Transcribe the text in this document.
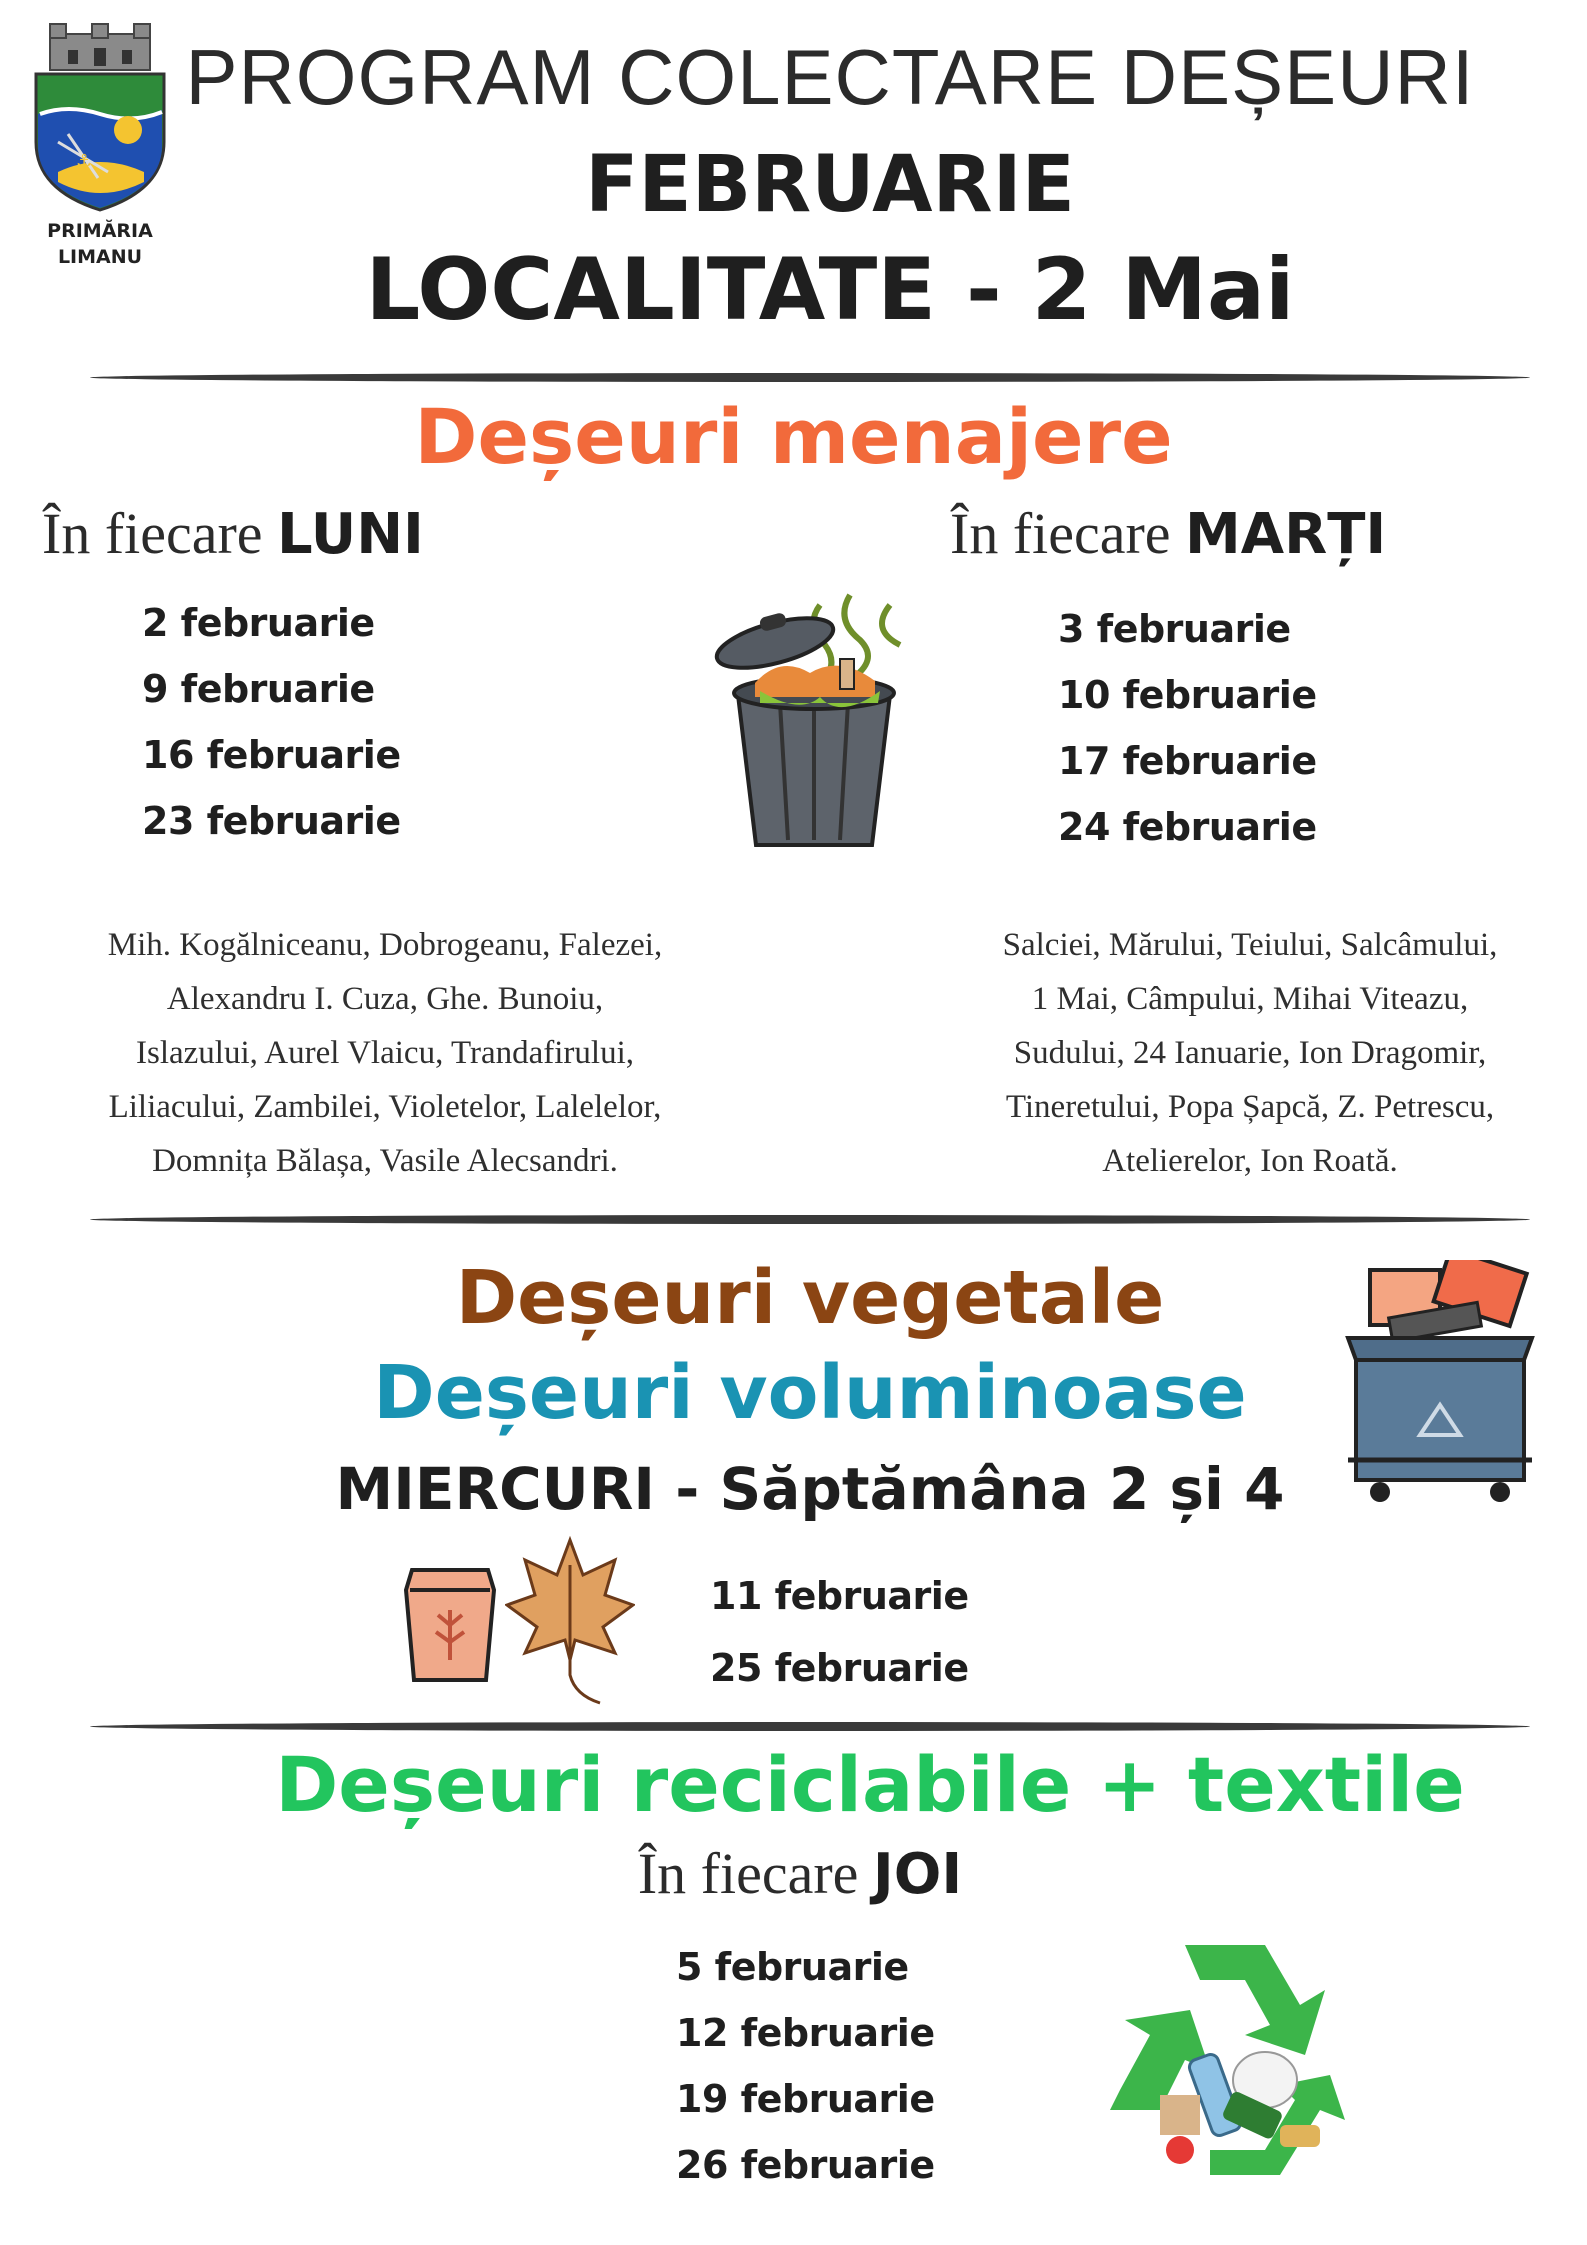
⚓
PRIMĂRIA
LIMANU
PROGRAM COLECTARE DEȘEURI
FEBRUARIE
LOCALITATE - 2 Mai
Deșeuri menajere
În fiecare LUNI
2 februarie
9 februarie
16 februarie
23 februarie
În fiecare MARȚI
3 februarie
10 februarie
17 februarie
24 februarie
Mih. Kogălniceanu, Dobrogeanu, Falezei,
Alexandru I. Cuza, Ghe. Bunoiu,
Islazului, Aurel Vlaicu, Trandafirului,
Liliacului, Zambilei, Violetelor, Lalelelor,
Domnița Bălașa, Vasile Alecsandri.
Salciei, Mărului, Teiului, Salcâmului,
1 Mai, Câmpului, Mihai Viteazu,
Sudului, 24 Ianuarie, Ion Dragomir,
Tineretului, Popa Șapcă, Z. Petrescu,
Atelierelor, Ion Roată.
Deșeuri vegetale
Deșeuri voluminoase
MIERCURI - Săptămâna 2 și 4
11 februarie
25 februarie
Deșeuri reciclabile + textile
În fiecare JOI
5 februarie
12 februarie
19 februarie
26 februarie
